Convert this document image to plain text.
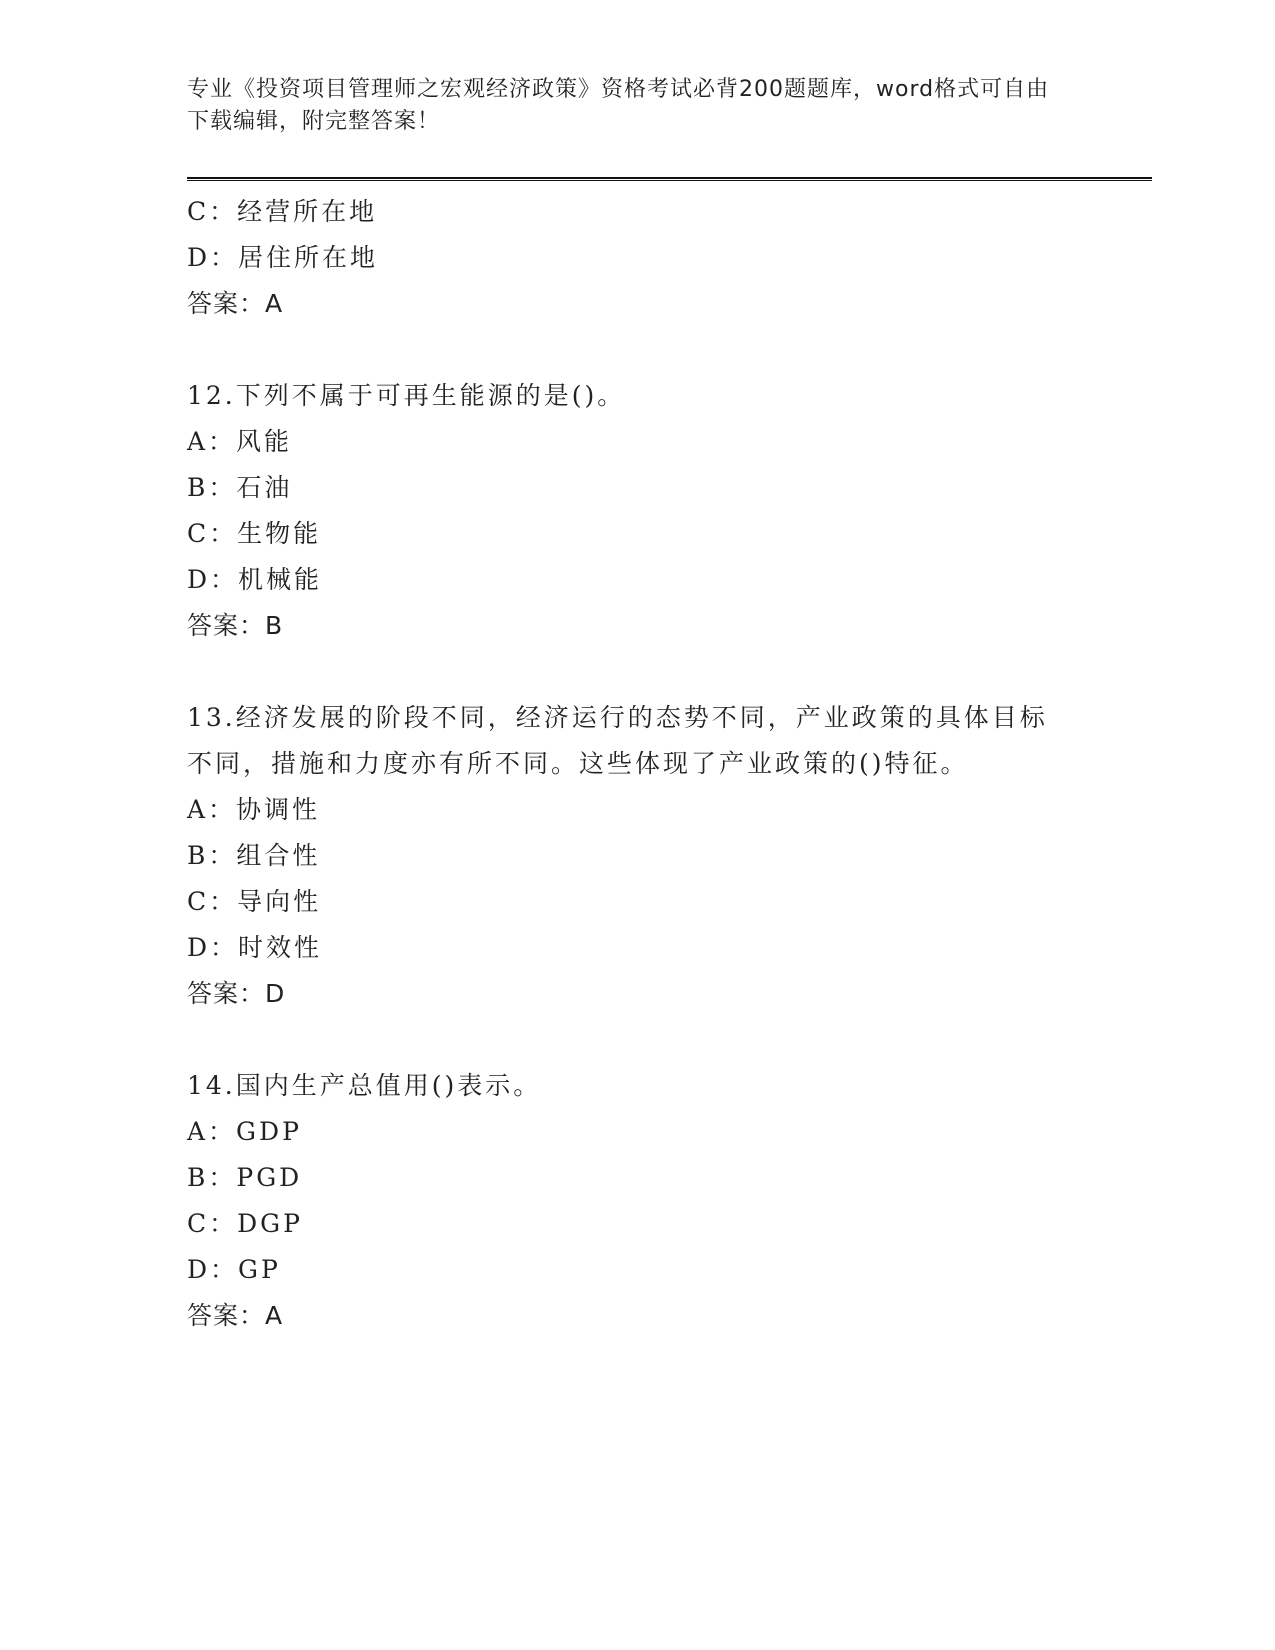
专业《投资项目管理师之宏观经济政策》资格考试必背200题题库，word格式可自由下载编辑，附完整答案！
C：经营所在地
D：居住所在地
答案：A
12.下列不属于可再生能源的是()。
A：风能
B：石油
C：生物能
D：机械能
答案：B
13.经济发展的阶段不同，经济运行的态势不同，产业政策的具体目标不同，措施和力度亦有所不同。这些体现了产业政策的()特征。
A：协调性
B：组合性
C：导向性
D：时效性
答案：D
14.国内生产总值用()表示。
A：GDP
B：PGD
C：DGP
D：GP
答案：A
